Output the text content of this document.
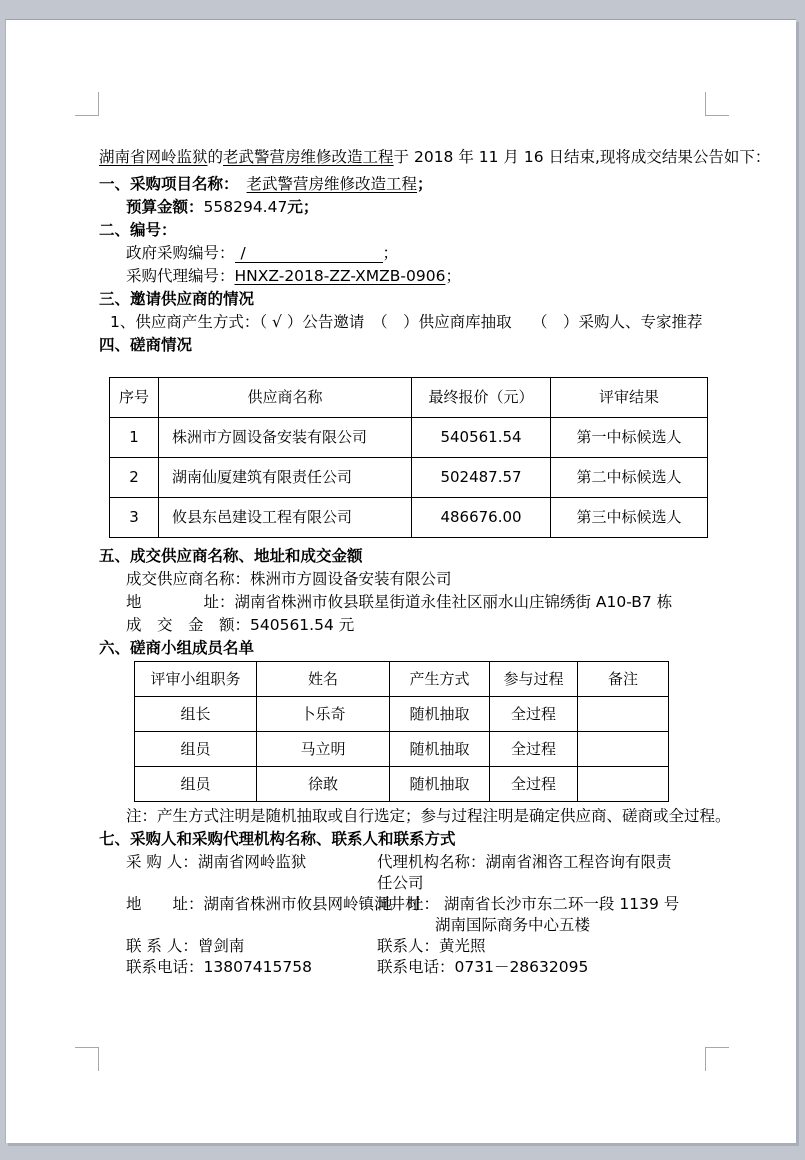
湖南省网岭监狱的老武警营房维修改造工程于 2018 年 11 月 16 日结束,现将成交结果公告如下：

一、采购项目名称： 老武警营房维修改造工程；

预算金额：558294.47元；

二、编号：

政府采购编号： /	；

采购代理编号：HNXZ-2018-ZZ-XMZB-0906；

三、邀请供应商的情况

1、供应商产生方式：（ √ ）公告邀请　（　）供应商库抽取　 （　）采购人、专家推荐

四、磋商情况

序号	供应商名称	最终报价（元）	评审结果
1	株洲市方圆设备安装有限公司	540561.54	第一中标候选人
2	湖南仙厦建筑有限责任公司	502487.57	第二中标候选人
3	攸县东邑建设工程有限公司	486676.00	第三中标候选人

五、成交供应商名称、地址和成交金额

成交供应商名称：株洲市方圆设备安装有限公司

地　　　　址：湖南省株洲市攸县联星街道永佳社区丽水山庄锦绣街 A10-B7 栋

成　交　金　额：540561.54 元

六、磋商小组成员名单

评审小组职务	姓名	产生方式	参与过程	备注
组长	卜乐奇	随机抽取	全过程	
组员	马立明	随机抽取	全过程	
组员	徐敢	随机抽取	全过程	

注：产生方式注明是随机抽取或自行选定；参与过程注明是确定供应商、磋商或全过程。

七、采购人和采购代理机构名称、联系人和联系方式

采 购 人：湖南省网岭监狱	代理机构名称：湖南省湘咨工程咨询有限责任公司
地　　址：湖南省株洲市攸县网岭镇洞井村
地　址： 湖南省长沙市东二环一段 1139 号湖南国际商务中心五楼
联 系 人：曾剑南	联系人：黄光照
联系电话：13807415758	联系电话：0731－28632095
